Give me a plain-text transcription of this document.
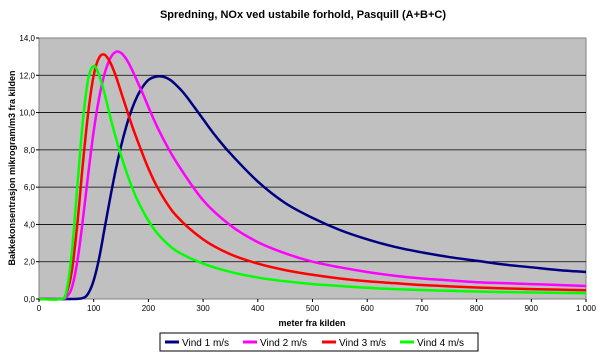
Spredning, NOx ved ustabile forhold, Pasquill (A+B+C)
0	100	200	300	400	500	600	700	800	900	1 000
0,0
2,0
4,0
6,0
8,0
10,0
12,0
14,0
meter fra kilden
Bakkekonsentrasjon mikrogram/m3 fra kilden
Vind 1 m/s	Vind 2 m/s	Vind 3 m/s	Vind 4 m/s
